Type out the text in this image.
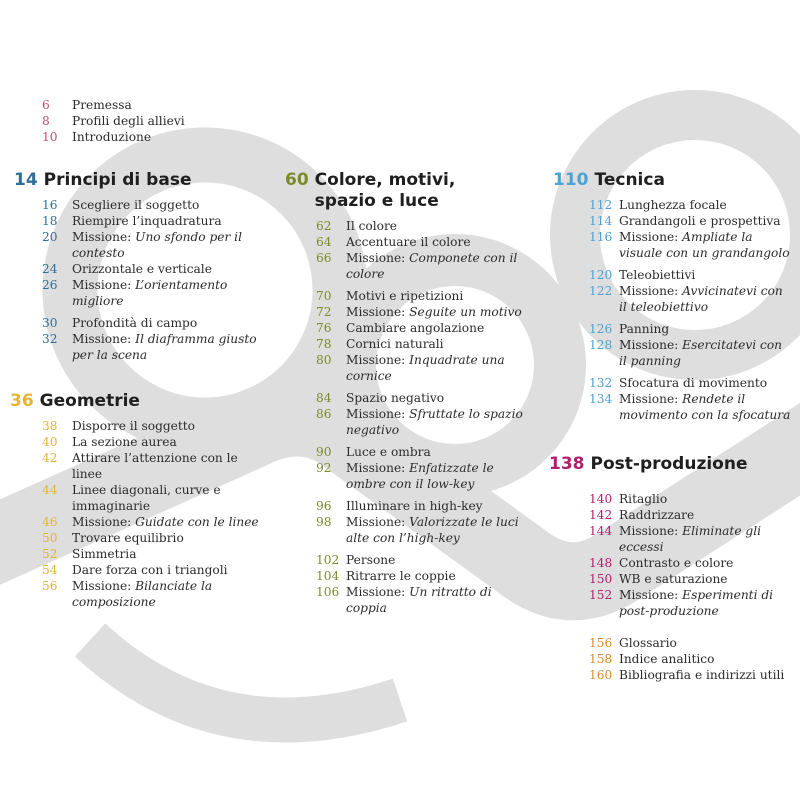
6	Premessa
8	Profili degli allievi
10	Introduzione
14 Principi di base
16	Scegliere il soggetto
18	Riempire l’inquadratura
20	Missione: Uno sfondo per il contesto
24	Orizzontale e verticale
26	Missione: L’orientamento migliore
30	Profondità di campo
32	Missione: Il diaframma giusto per la scena
36 Geometrie
38	Disporre il soggetto
40	La sezione aurea
42	Attirare l’attenzione con le linee
44	Linee diagonali, curve e immaginarie
46	Missione: Guidate con le linee
50	Trovare equilibrio
52	Simmetria
54	Dare forza con i triangoli
56	Missione: Bilanciate la composizione
60 Colore, motivi, spazio e luce
62	Il colore
64	Accentuare il colore
66	Missione: Componete con il colore
70	Motivi e ripetizioni
72	Missione: Seguite un motivo
76	Cambiare angolazione
78	Cornici naturali
80	Missione: Inquadrate una cornice
84	Spazio negativo
86	Missione: Sfruttate lo spazio negativo
90	Luce e ombra
92	Missione: Enfatizzate le ombre con il low-key
96	Illuminare in high-key
98	Missione: Valorizzate le luci alte con l’high-key
102 Persone
104 Ritrarre le coppie
106 Missione: Un ritratto di coppia
110 Tecnica
112 Lunghezza focale
114 Grandangoli e prospettiva
116 Missione: Ampliate la visuale con un grandangolo
120 Teleobiettivi
122 Missione: Avvicinatevi con il teleobiettivo
126 Panning
128 Missione: Esercitatevi con il panning
132 Sfocatura di movimento
134 Missione: Rendete il movimento con la sfocatura
138 Post-produzione
140 Ritaglio
142 Raddrizzare
144 Missione: Eliminate gli eccessi
148 Contrasto e colore
150 WB e saturazione
152 Missione: Esperimenti di post-produzione
156 Glossario
158 Indice analitico
160 Bibliografia e indirizzi utili
